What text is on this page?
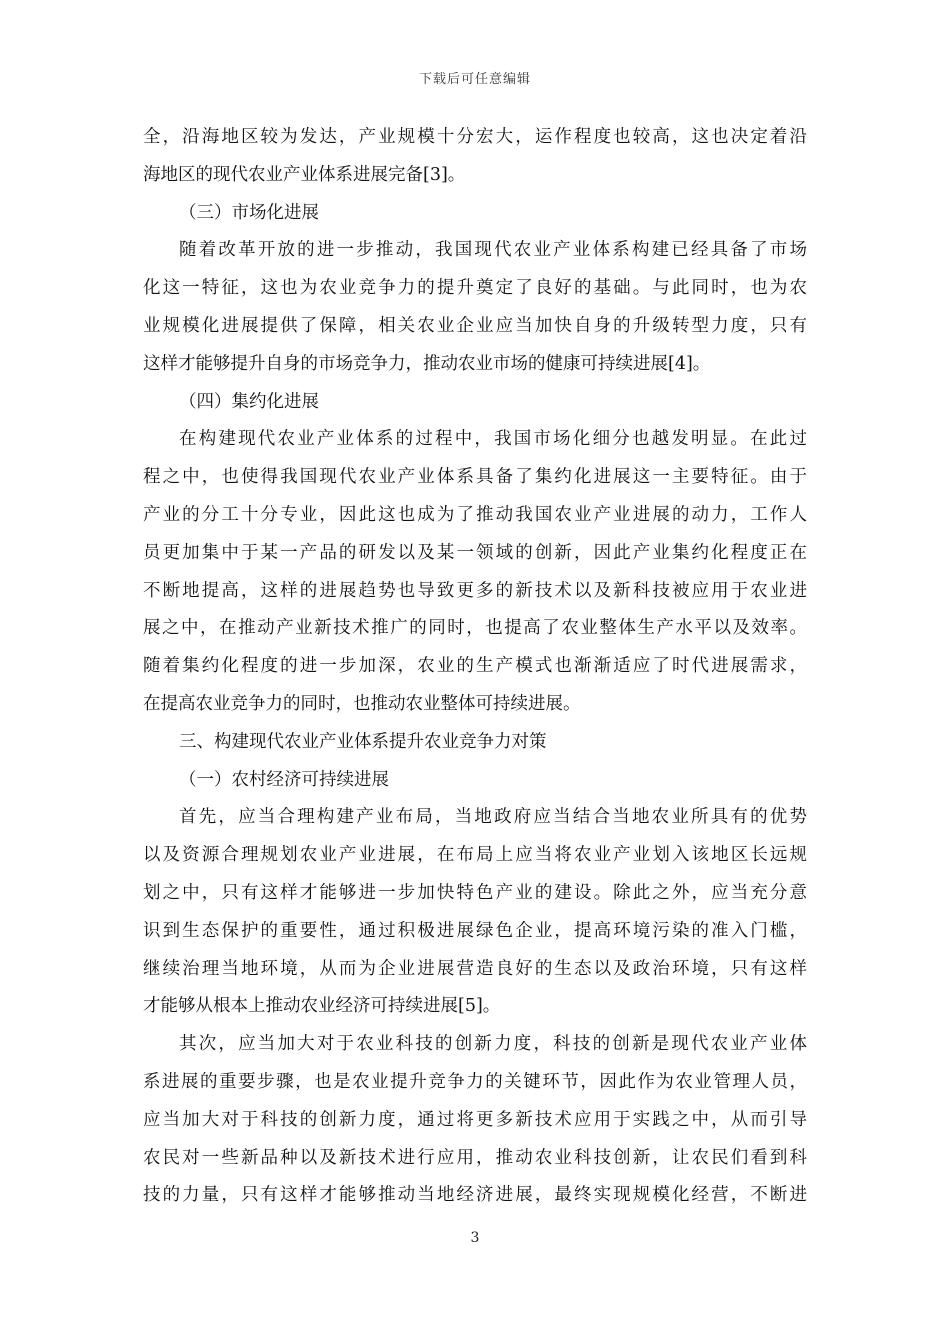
下载后可任意编辑
全，沿海地区较为发达，产业规模十分宏大，运作程度也较高，这也决定着沿
海地区的现代农业产业体系进展完备[3]。
（三）市场化进展
随着改革开放的进一步推动，我国现代农业产业体系构建已经具备了市场
化这一特征，这也为农业竞争力的提升奠定了良好的基础。与此同时，也为农
业规模化进展提供了保障，相关农业企业应当加快自身的升级转型力度，只有
这样才能够提升自身的市场竞争力，推动农业市场的健康可持续进展[4]。
（四）集约化进展
在构建现代农业产业体系的过程中，我国市场化细分也越发明显。在此过
程之中，也使得我国现代农业产业体系具备了集约化进展这一主要特征。由于
产业的分工十分专业，因此这也成为了推动我国农业产业进展的动力，工作人
员更加集中于某一产品的研发以及某一领域的创新，因此产业集约化程度正在
不断地提高，这样的进展趋势也导致更多的新技术以及新科技被应用于农业进
展之中，在推动产业新技术推广的同时，也提高了农业整体生产水平以及效率。
随着集约化程度的进一步加深，农业的生产模式也渐渐适应了时代进展需求，
在提高农业竞争力的同时，也推动农业整体可持续进展。
三、构建现代农业产业体系提升农业竞争力对策
（一）农村经济可持续进展
首先，应当合理构建产业布局，当地政府应当结合当地农业所具有的优势
以及资源合理规划农业产业进展，在布局上应当将农业产业划入该地区长远规
划之中，只有这样才能够进一步加快特色产业的建设。除此之外，应当充分意
识到生态保护的重要性，通过积极进展绿色企业，提高环境污染的准入门槛，
继续治理当地环境，从而为企业进展营造良好的生态以及政治环境，只有这样
才能够从根本上推动农业经济可持续进展[5]。
其次，应当加大对于农业科技的创新力度，科技的创新是现代农业产业体
系进展的重要步骤，也是农业提升竞争力的关键环节，因此作为农业管理人员，
应当加大对于科技的创新力度，通过将更多新技术应用于实践之中，从而引导
农民对一些新品种以及新技术进行应用，推动农业科技创新，让农民们看到科
技的力量，只有这样才能够推动当地经济进展，最终实现规模化经营，不断进
3
